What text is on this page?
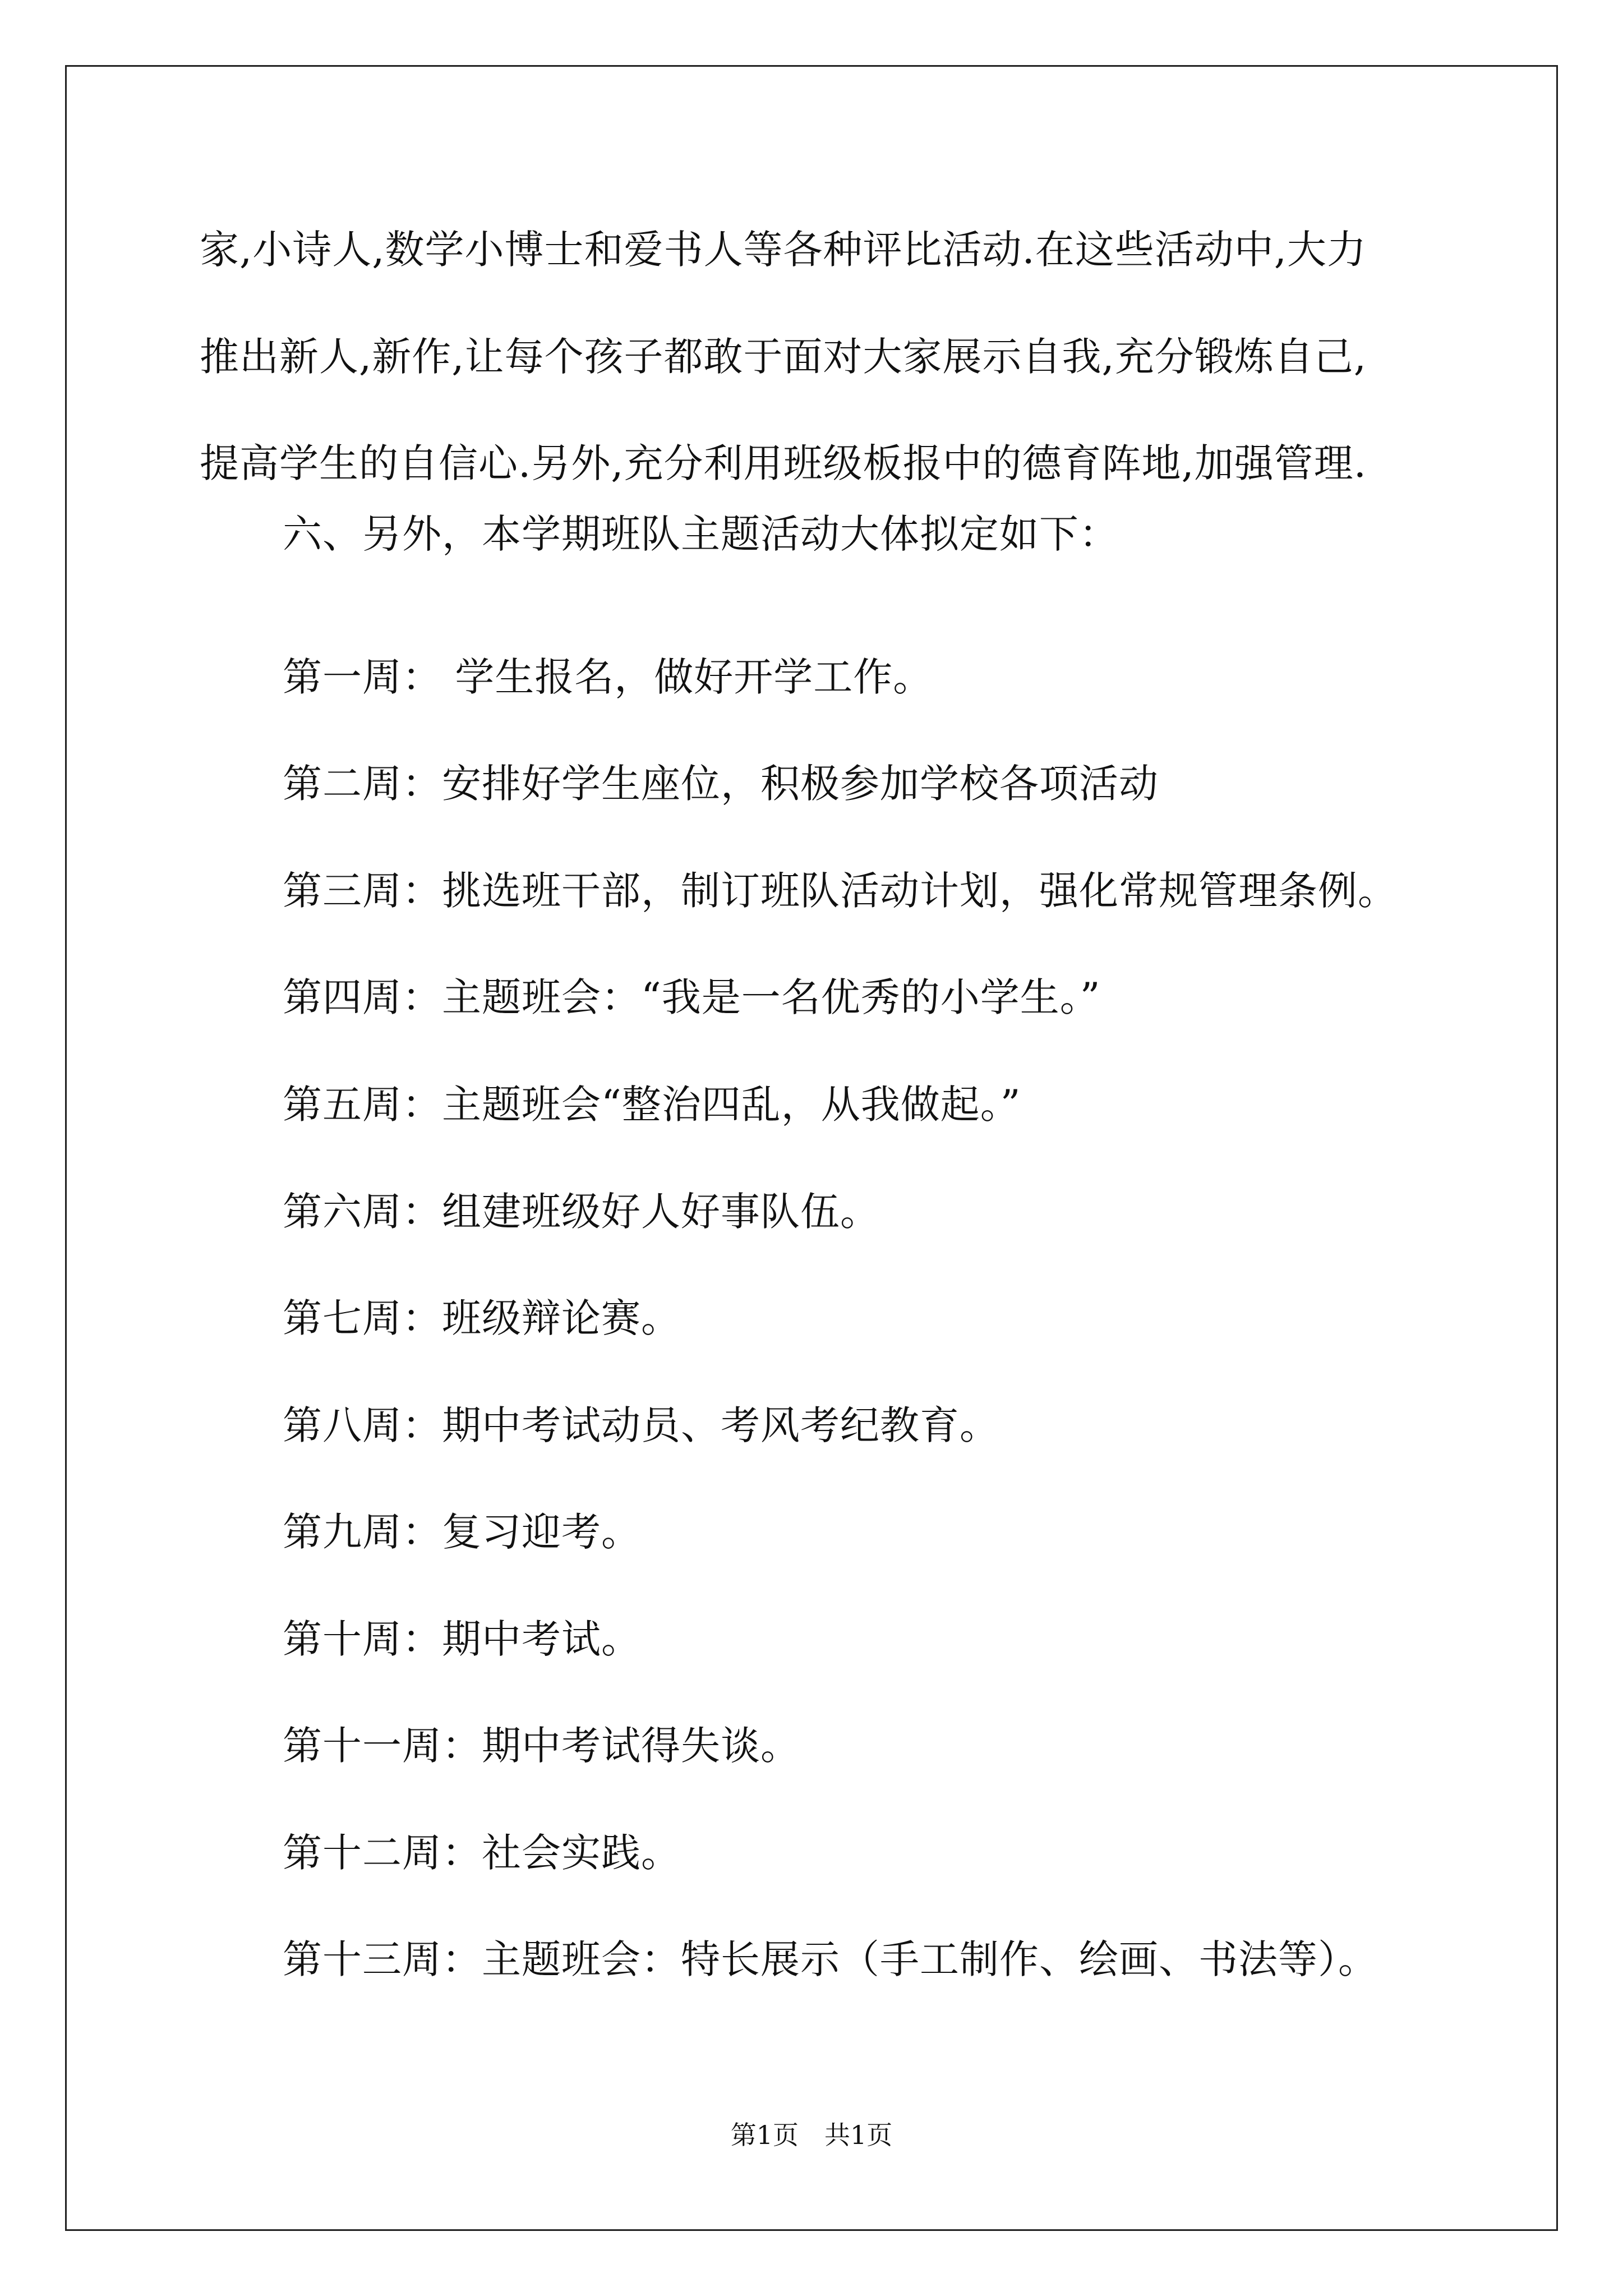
家,小诗人,数学小博士和爱书人等各种评比活动.在这些活动中,大力
推出新人,新作,让每个孩子都敢于面对大家展示自我,充分锻炼自己,
提高学生的自信心.另外,充分利用班级板报中的德育阵地,加强管理.
六、另外，本学期班队主题活动大体拟定如下：
第一周： 学生报名，做好开学工作。
第二周：安排好学生座位，积极参加学校各项活动
第三周：挑选班干部，制订班队活动计划，强化常规管理条例。
第四周：主题班会：“我是一名优秀的小学生。”
第五周：主题班会“整治四乱，从我做起。”
第六周：组建班级好人好事队伍。
第七周：班级辩论赛。
第八周：期中考试动员、考风考纪教育。
第九周：复习迎考。
第十周：期中考试。
第十一周：期中考试得失谈。
第十二周：社会实践。
第十三周：主题班会：特长展示（手工制作、绘画、书法等）。
第1页 共1页
